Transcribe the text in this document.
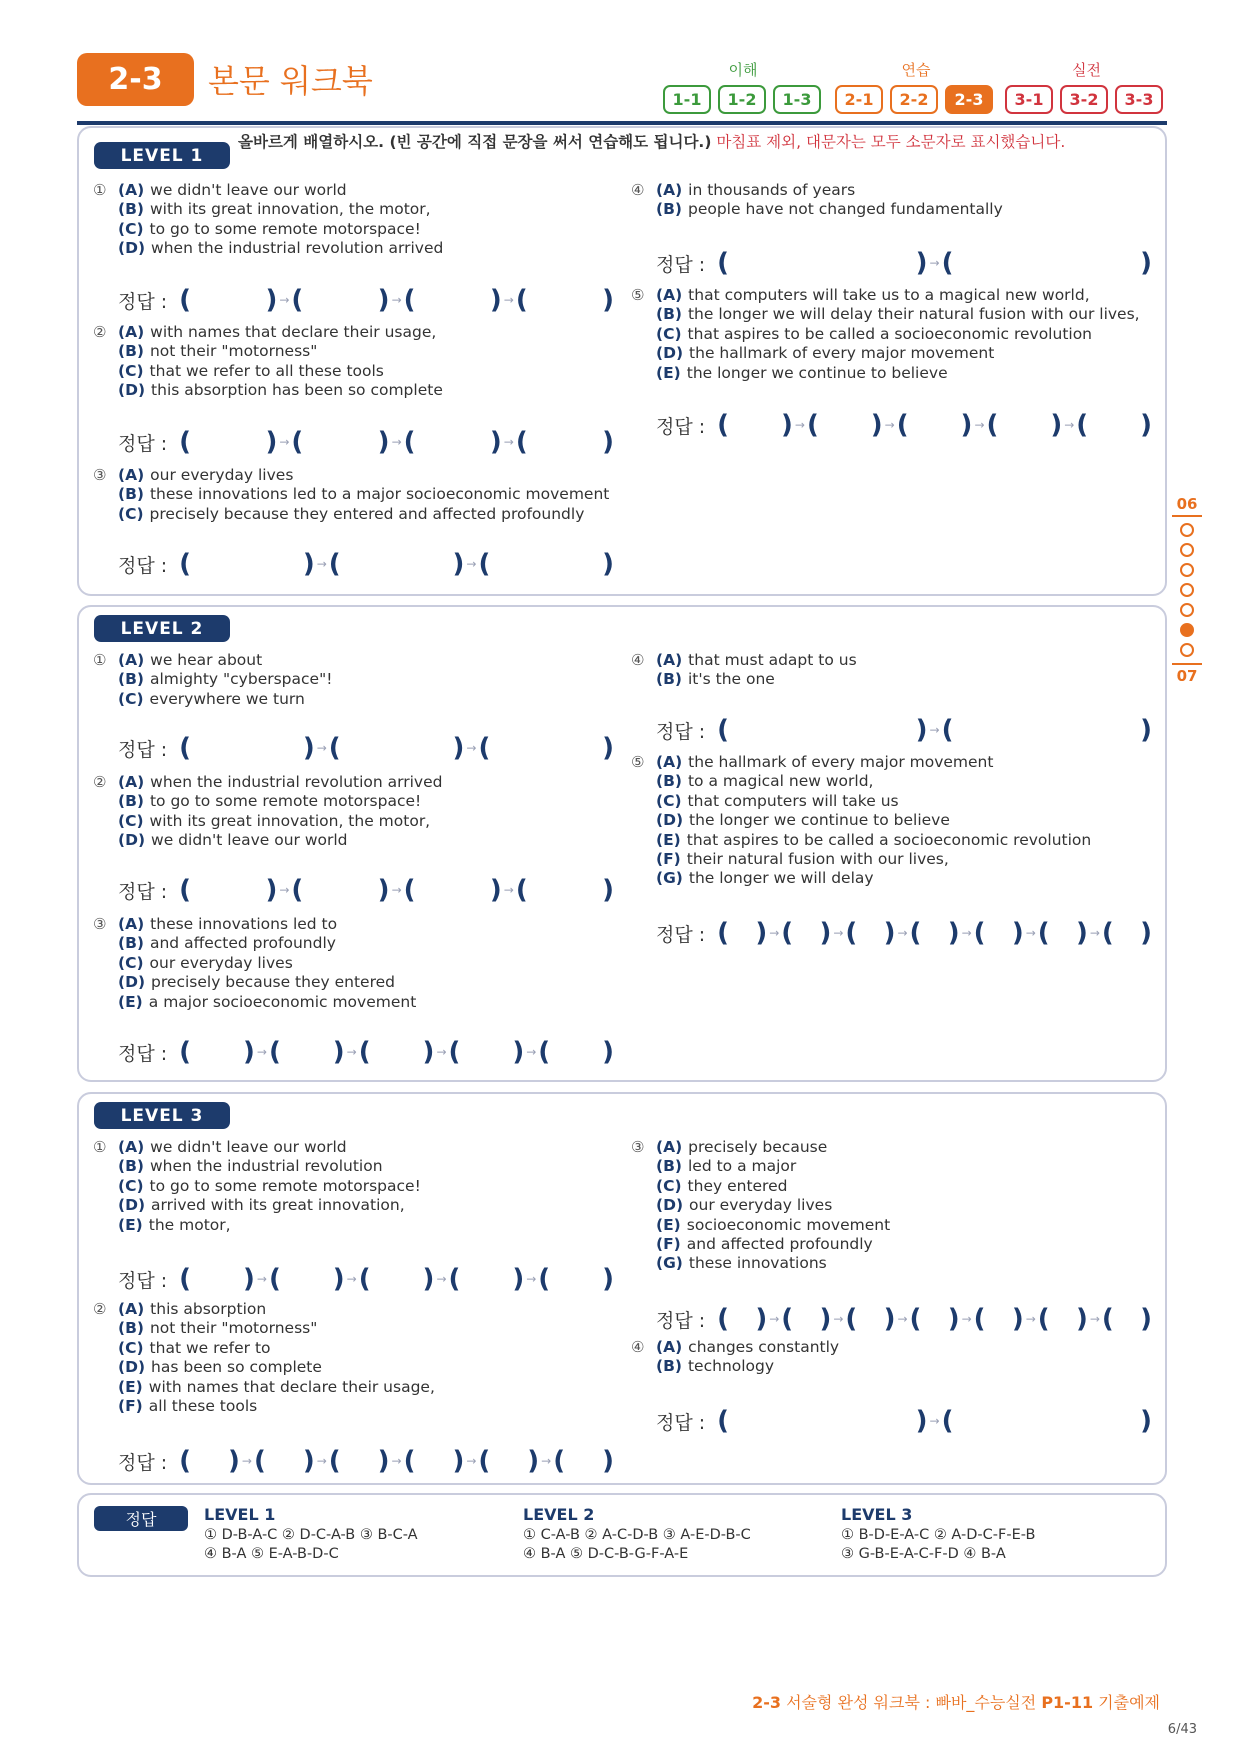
2-3	본문 워크북	이해	연습	실전
1-1	1-2	1-3	2-1	2-2	2-3	3-1	3-2	3-3
LEVEL 1
올바르게 배열하시오. (빈 공간에 직접 문장을 써서 연습해도 됩니다.) 마침표 제외, 대문자는 모두 소문자로 표시했습니다.
LEVEL 2
LEVEL 3
① (A) we didn't leave our world
(B) with its great innovation, the motor,
(C) to go to some remote motorspace!
(D) when the industrial revolution arrived
② (A) with names that declare their usage,
(B) not their "motorness"
(C) that we refer to all these tools
(D) this absorption has been so complete
③ (A) our everyday lives
(B) these innovations led to a major socioeconomic movement
(C) precisely because they entered and affected profoundly
④ (A) in thousands of years
(B) people have not changed fundamentally
⑤ (A) that computers will take us to a magical new world,
(B) the longer we will delay their natural fusion with our lives,
(C) that aspires to be called a socioeconomic revolution
(D) the hallmark of every major movement
(E) the longer we continue to believe
① (A) we hear about
(B) almighty "cyberspace"!
(C) everywhere we turn
② (A) when the industrial revolution arrived
(B) to go to some remote motorspace!
(C) with its great innovation, the motor,
(D) we didn't leave our world
③ (A) these innovations led to
(B) and affected profoundly
(C) our everyday lives
(D) precisely because they entered
(E) a major socioeconomic movement
④ (A) that must adapt to us
(B) it's the one
⑤ (A) the hallmark of every major movement
(B) to a magical new world,
(C) that computers will take us
(D) the longer we continue to believe
(E) that aspires to be called a socioeconomic revolution
(F) their natural fusion with our lives,
(G) the longer we will delay
① (A) we didn't leave our world
(B) when the industrial revolution
(C) to go to some remote motorspace!
(D) arrived with its great innovation,
(E) the motor,
② (A) this absorption
(B) not their "motorness"
(C) that we refer to
(D) has been so complete
(E) with names that declare their usage,
(F) all these tools
③ (A) precisely because
(B) led to a major
(C) they entered
(D) our everyday lives
(E) socioeconomic movement
(F) and affected profoundly
(G) these innovations
④ (A) changes constantly
(B) technology
정답 : (	) → (	) → (	) → (	)
정답 : (	) → (	) → (	) → (	)
정답 : (	) → (	) → (	)
정답 : (	) → (	)
정답 : ( ) → ( ) → ( ) → ( ) → ( )
정답 : (	) → (	) → (	)
정답 : (	) → (	) → (	) → (	)
정답 : ( ) → ( ) → ( ) → ( ) → ( )
정답 : (	) → (	)
정답 : ( ) → ( ) → ( ) → ( ) → ( ) → ( ) → ( )
정답 : ( ) → ( ) → ( ) → ( ) → ( )
정답 : ( ) → ( ) → ( ) → ( ) → ( ) → ( )
정답 : ( ) → ( ) → ( ) → ( ) → ( ) → ( ) → ( )
정답 : (	) → (	)
정답	LEVEL 1
① D-B-A-C ② D-C-A-B ③ B-C-A
④ B-A ⑤ E-A-B-D-C
LEVEL 2
① C-A-B ② A-C-D-B ③ A-E-D-B-C
④ B-A ⑤ D-C-B-G-F-A-E
LEVEL 3
① B-D-E-A-C ② A-D-C-F-E-B
③ G-B-E-A-C-F-D ④ B-A
06
07
2-3 서술형 완성 워크북 : 빠바_수능실전 P1-11 기출예제
6/43
